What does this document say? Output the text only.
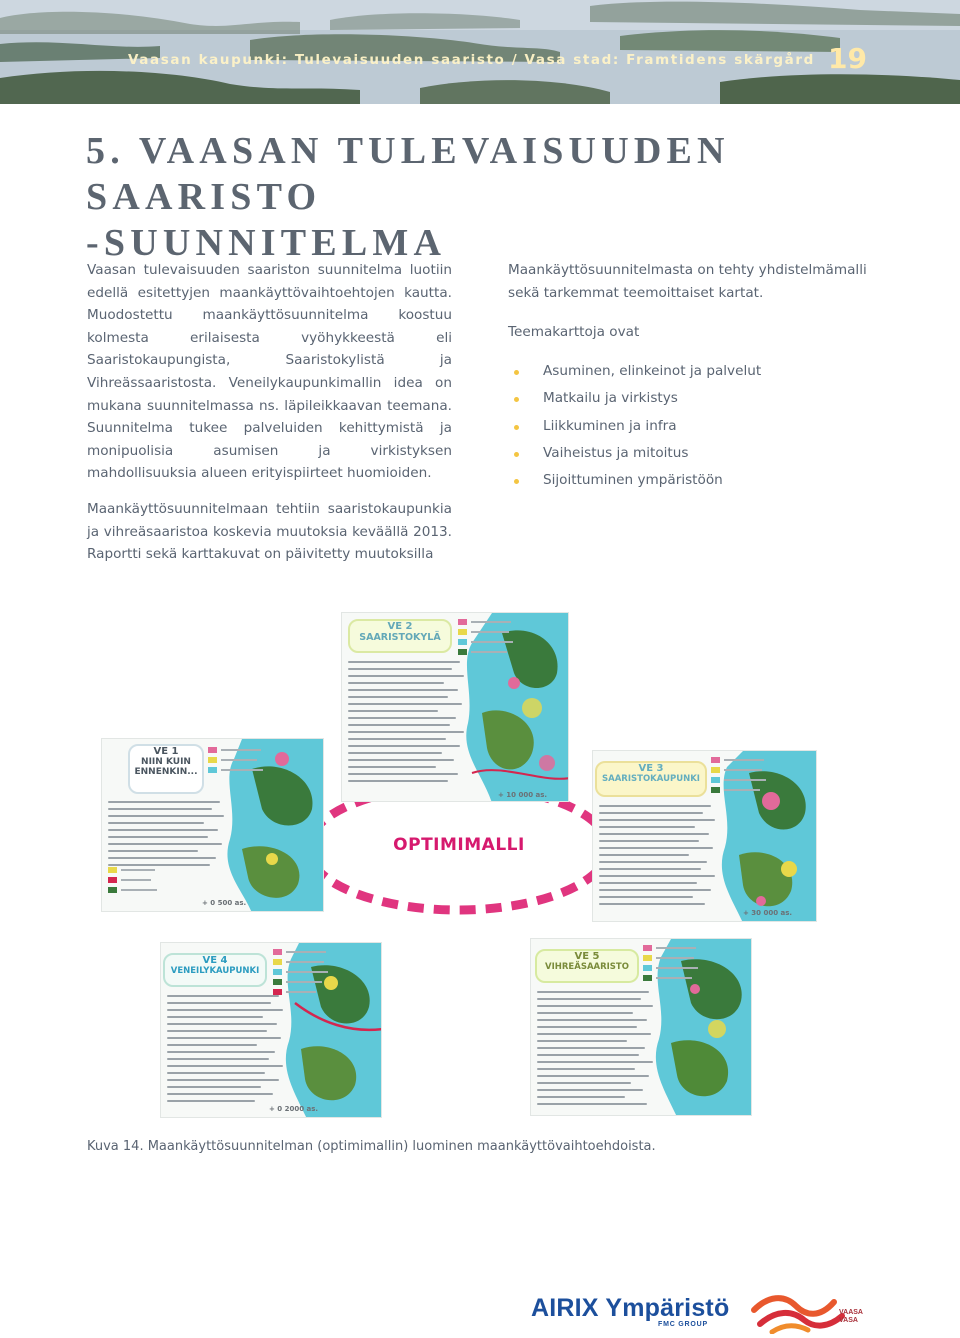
Vaasan kaupunki: Tulevaisuuden saaristo / Vasa stad: Framtidens skärgård 19
5. VAASAN TULEVAISUUDEN SAARISTO
-SUUNNITELMA

Vaasan tulevaisuuden saariston suunnitelma luotiin edellä esitettyjen maankäyttövaihtoehtojen kautta. Muodostettu maankäyttösuunnitelma koostuu kolmesta erilaisesta vyöhykkeestä eli Saaristokaupungista, Saaristokylistä ja Vihreässaaristosta. Veneilykaupunkimallin idea on mukana suunnitelmassa ns. läpileikkaavan teemana. Suunnitelma tukee palveluiden kehittymistä ja monipuolisia asumisen ja virkistyksen mahdollisuuksia alueen erityispiirteet huomioiden.

Maankäyttösuunnitelmaan tehtiin saaristokaupunkia ja vihreäsaaristoa koskevia muutoksia keväällä 2013. Raportti sekä karttakuvat on päivitetty muutoksilla

Maankäyttösuunnitelmasta on tehty yhdistelmämalli sekä tarkemmat teemoittaiset kartat.

Teemakarttoja ovat

Asuminen, elinkeinot ja palvelut
Matkailu ja virkistys
Liikkuminen ja infra
Vaiheistus ja mitoitus
Sijoittuminen ympäristöön
OPTIMIMALLI
VE 2
SAARISTOKYLÄ
+ 10 000 as.
VE 1
NIIN KUIN
ENNENKIN...
+ 0 500 as.
VE 3
SAARISTOKAUPUNKI
+ 30 000 as.
VE 4
VENEILYKAUPUNKI
+ 0 2000 as.
VE 5
VIHREÄSAARISTO
Kuva 14. Maankäyttösuunnitelman (optimimallin) luominen maankäyttövaihtoehdoista.
AIRIX Ympäristö
FMC GROUP
VAASA
VASA
